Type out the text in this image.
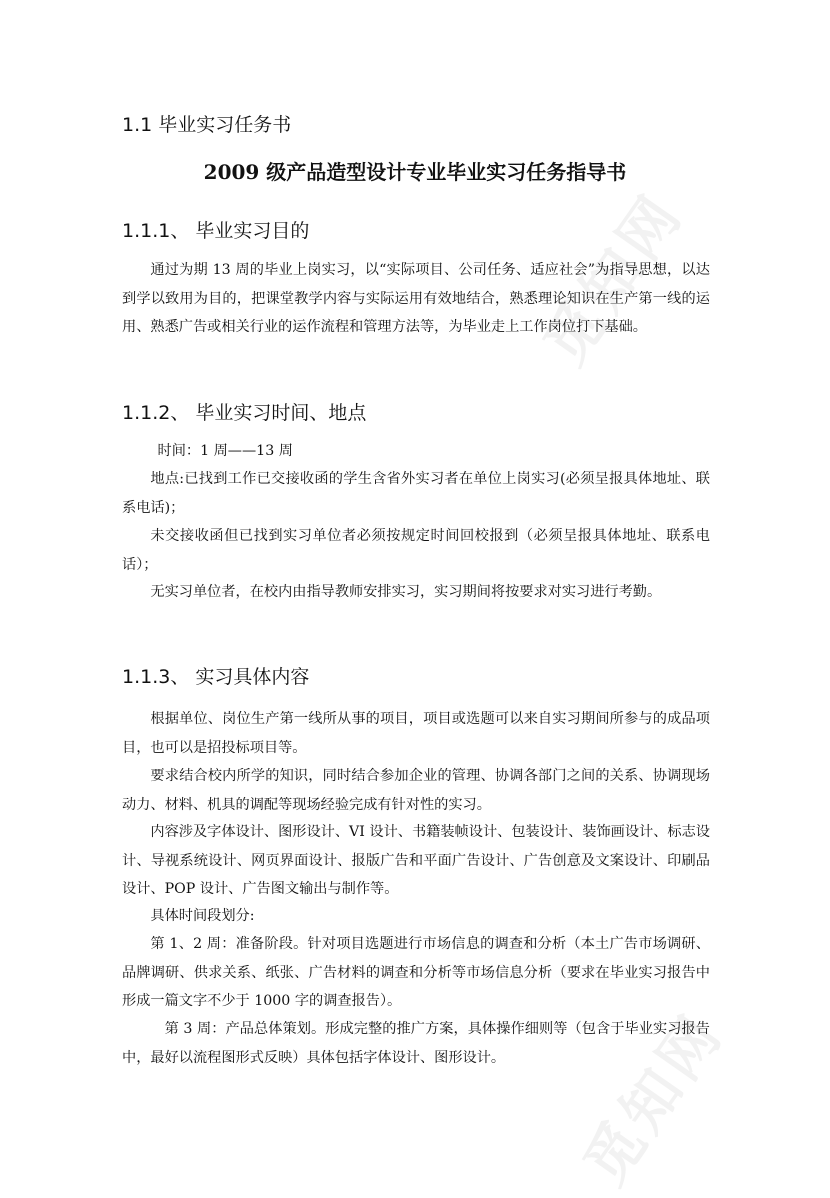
觅知网
觅知网
1.1 毕业实习任务书
2009 级产品造型设计专业毕业实习任务指导书
1.1.1、 毕业实习目的

通过为期 13 周的毕业上岗实习，以“实际项目、公司任务、适应社会”为指导思想，以达到学以致用为目的，把课堂教学内容与实际运用有效地结合，熟悉理论知识在生产第一线的运用、熟悉广告或相关行业的运作流程和管理方法等，为毕业走上工作岗位打下基础。

1.1.2、 毕业实习时间、地点

时间：1 周——13 周

地点:已找到工作已交接收函的学生含省外实习者在单位上岗实习(必须呈报具体地址、联系电话)；

未交接收函但已找到实习单位者必须按规定时间回校报到（必须呈报具体地址、联系电话）；

无实习单位者，在校内由指导教师安排实习，实习期间将按要求对实习进行考勤。

1.1.3、 实习具体内容

根据单位、岗位生产第一线所从事的项目，项目或选题可以来自实习期间所参与的成品项目，也可以是招投标项目等。

要求结合校内所学的知识，同时结合参加企业的管理、协调各部门之间的关系、协调现场动力、材料、机具的调配等现场经验完成有针对性的实习。

内容涉及字体设计、图形设计、VI 设计、书籍装帧设计、包装设计、装饰画设计、标志设计、导视系统设计、网页界面设计、报版广告和平面广告设计、广告创意及文案设计、印刷品设计、POP 设计、广告图文输出与制作等。

具体时间段划分:

第 1、2 周：准备阶段。针对项目选题进行市场信息的调查和分析（本土广告市场调研、品牌调研、供求关系、纸张、广告材料的调查和分析等市场信息分析（要求在毕业实习报告中形成一篇文字不少于 1000 字的调查报告）。

第 3 周：产品总体策划。形成完整的推广方案，具体操作细则等（包含于毕业实习报告中，最好以流程图形式反映）具体包括字体设计、图形设计。
